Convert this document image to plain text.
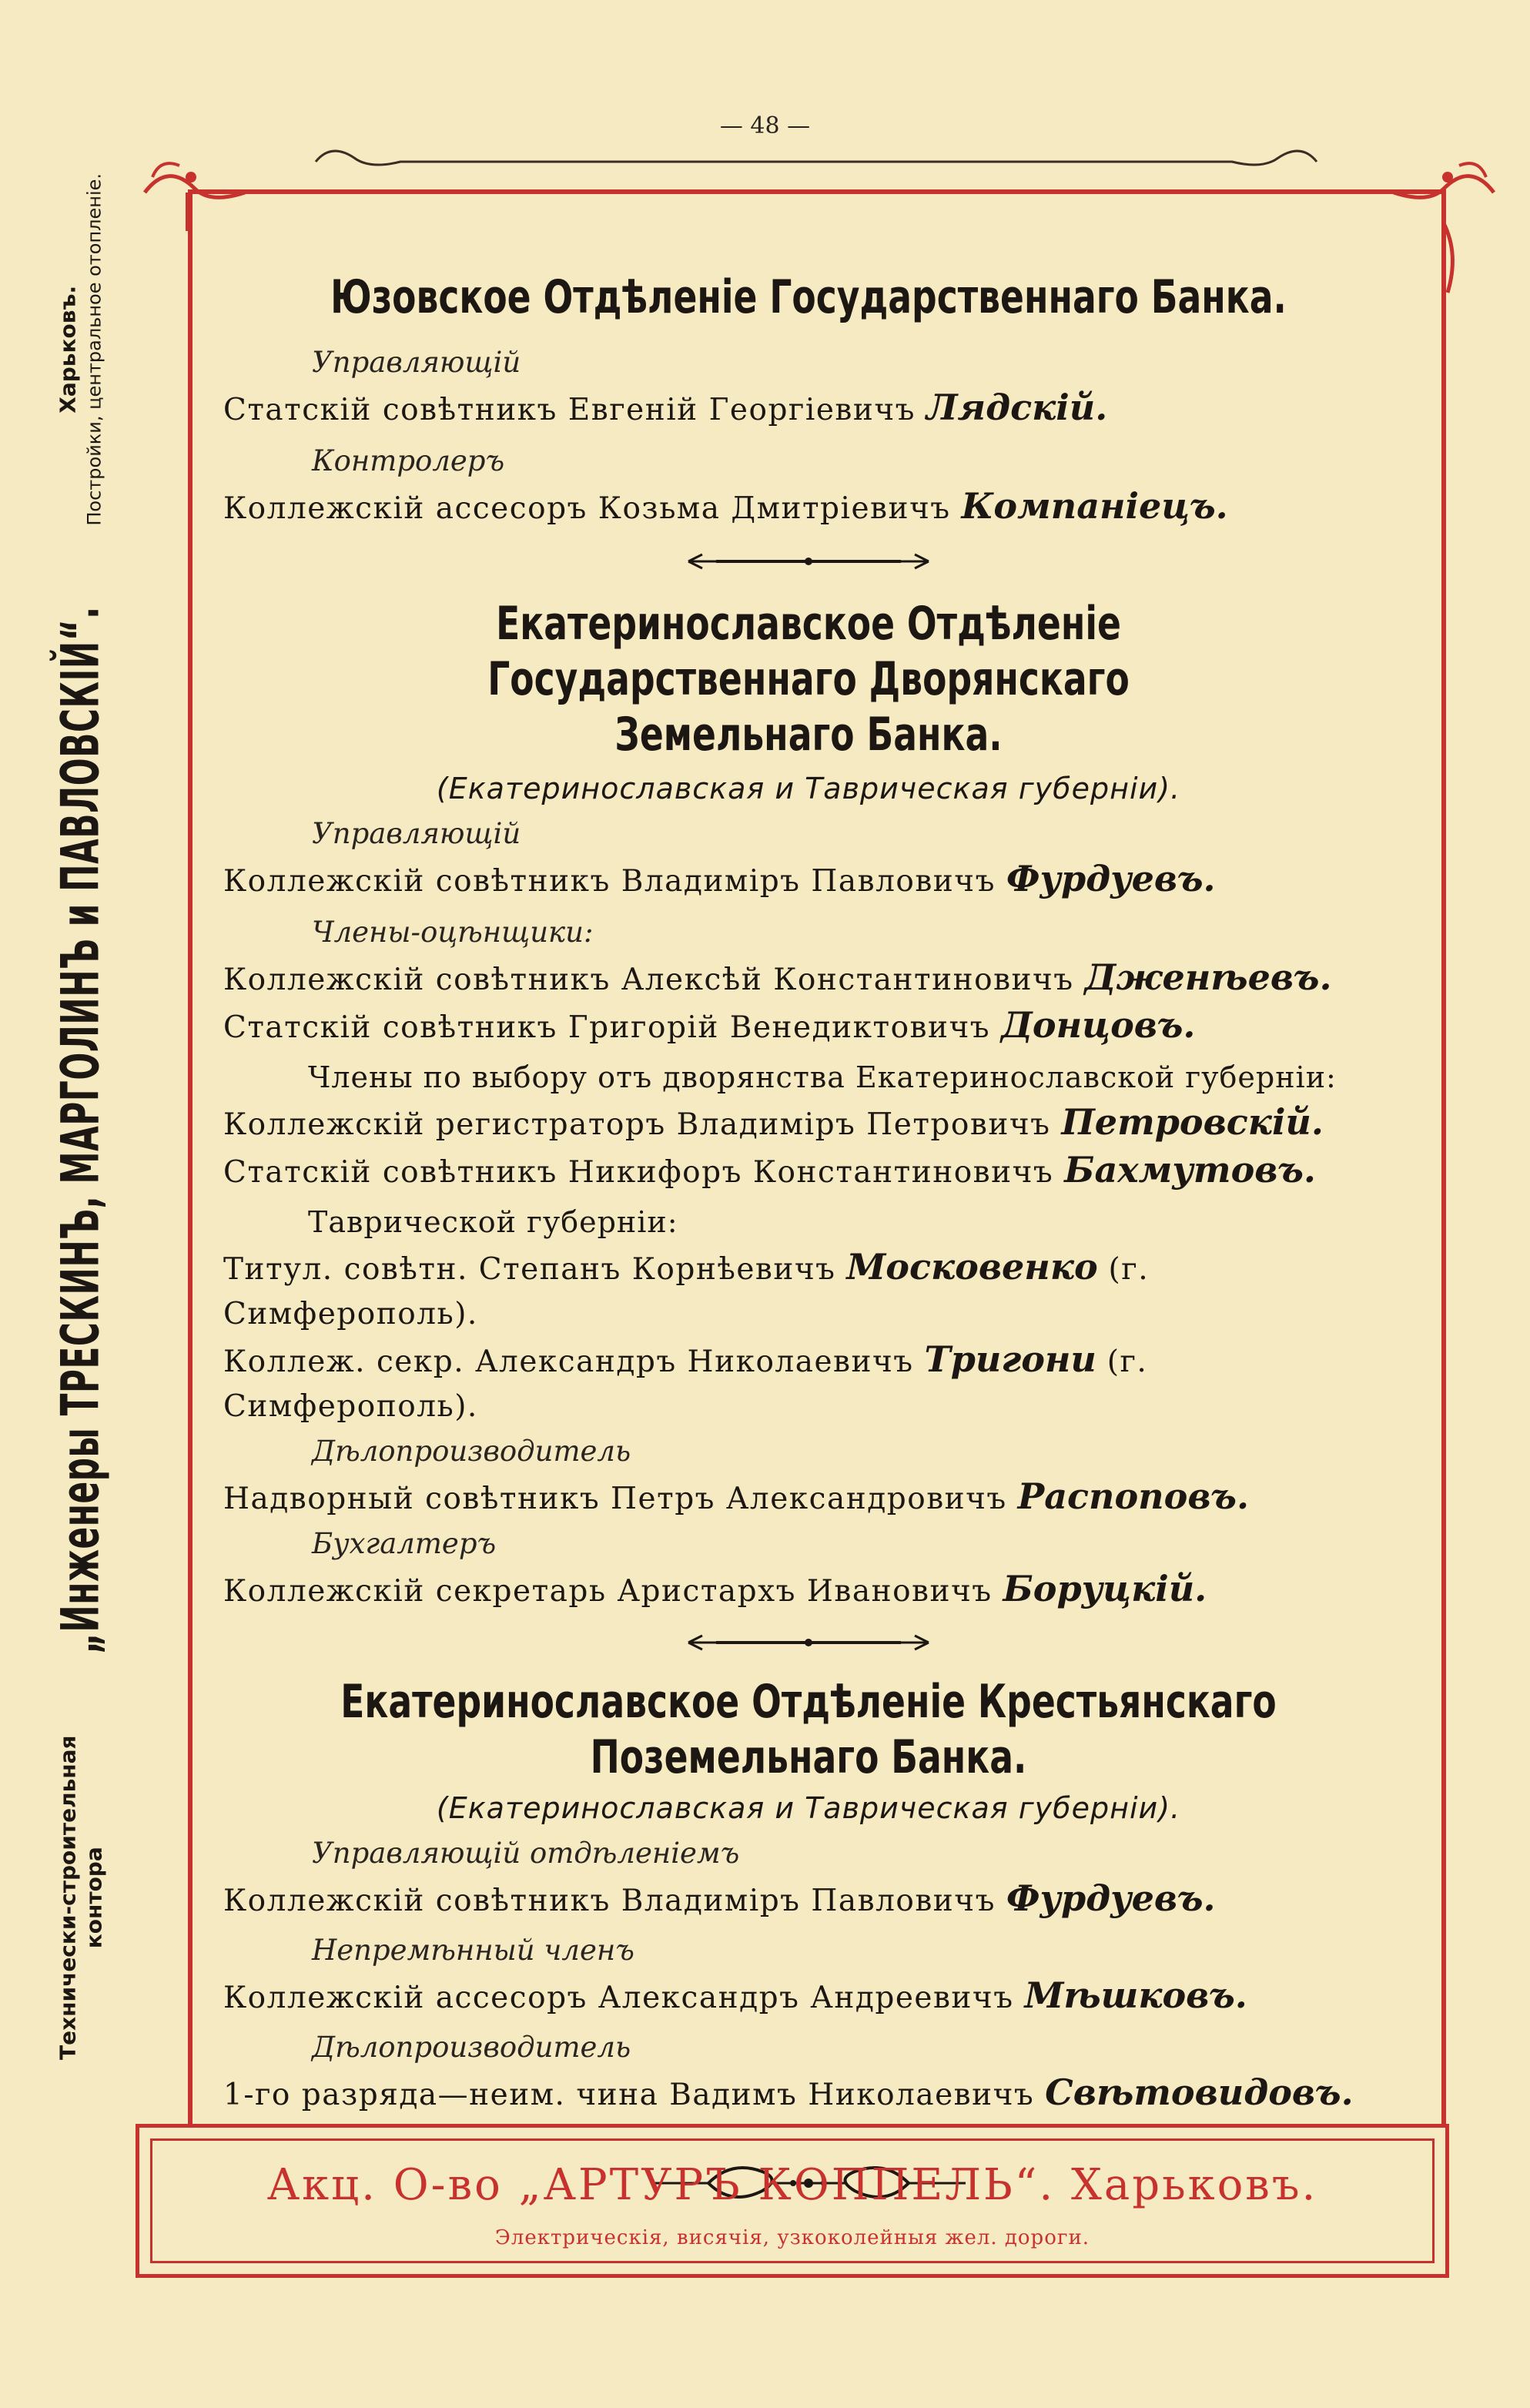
— 48 —
Технически-строительная контора
„Инженеры ТРЕСКИНЪ, МАРГОЛИНЪ и ПАВЛОВСКIЙ“.
Харьковъ. Постройки, центральное отопленiе.	Юзовское Отдѣленiе Государственнаго Банка.
Управляющiй
Статскiй совѣтникъ Евгенiй Георгiевичъ Лядскiй.
Контролеръ
Коллежскiй ассесоръ Козьма Дмитрiевичъ Компанiецъ.
Екатеринославское Отдѣленiе Государственнаго Дворянскаго Земельнаго Банка.
(Екатеринославская и Таврическая губернiи).
Управляющiй
Коллежскiй совѣтникъ Владимiръ Павловичъ Фурдуевъ.
Члены-оцѣнщики:
Коллежскiй совѣтникъ Алексѣй Константиновичъ Дженѣевъ.
Статскiй совѣтникъ Григорiй Венедиктовичъ Донцовъ.
Члены по выбору отъ дворянства Екатеринославской губернiи:
Коллежскiй регистраторъ Владимiръ Петровичъ Петровскiй.
Статскiй совѣтникъ Никифоръ Константиновичъ Бахмутовъ.
Таврической губернiи:
Титул. совѣтн. Степанъ Корнѣевичъ Московенко (г. Симферополь).
Коллеж. секр. Александръ Николаевичъ Тригони (г. Симферополь).
Дѣлопроизводитель
Надворный совѣтникъ Петръ Александровичъ Распоповъ.
Бухгалтеръ
Коллежскiй секретарь Аристархъ Ивановичъ Боруцкiй.
Екатеринославское Отдѣленiе Крестьянскаго Поземельнаго Банка.
(Екатеринославская и Таврическая губернiи).
Управляющiй отдѣленiемъ
Коллежскiй совѣтникъ Владимiръ Павловичъ Фурдуевъ.
Непремѣнный членъ
Коллежскiй ассесоръ Александръ Андреевичъ Мѣшковъ.
Дѣлопроизводитель
1-го разряда—неим. чина Вадимъ Николаевичъ Свѣтовидовъ.
Акц. О-во „АРТУРЪ КОППЕЛЬ“. Харьковъ.
Электрическiя, висячiя, узкоколейныя жел. дороги.
